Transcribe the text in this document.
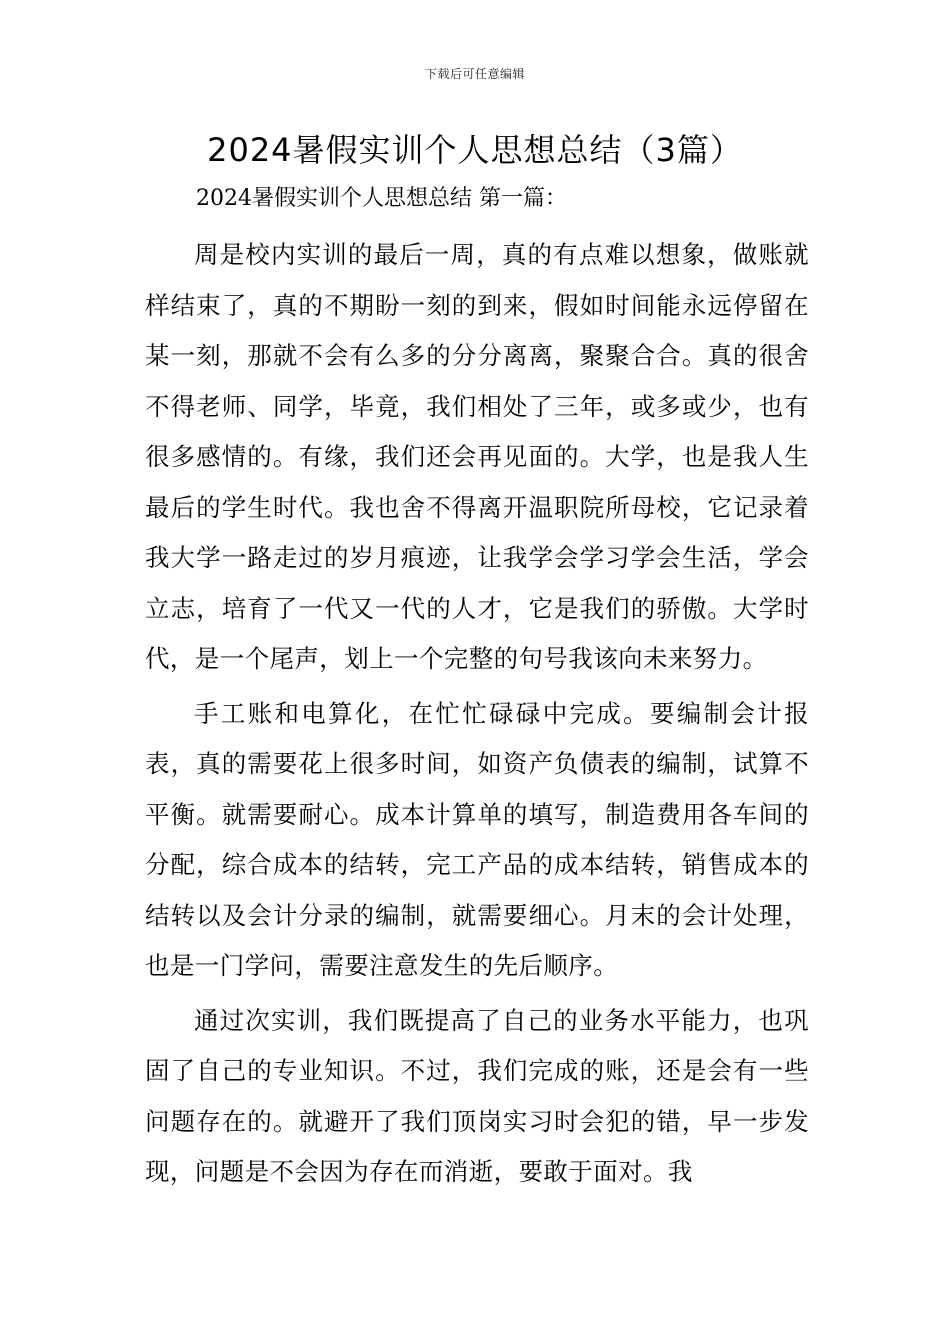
下载后可任意编辑
2024暑假实训个人思想总结（3篇）

2024暑假实训个人思想总结 第一篇：

周是校内实训的最后一周，真的有点难以想象，做账就样结束了，真的不期盼一刻的到来，假如时间能永远停留在某一刻，那就不会有么多的分分离离，聚聚合合。真的很舍不得老师、同学，毕竟，我们相处了三年，或多或少，也有很多感情的。有缘，我们还会再见面的。大学，也是我人生最后的学生时代。我也舍不得离开温职院所母校，它记录着我大学一路走过的岁月痕迹，让我学会学习学会生活，学会立志，培育了一代又一代的人才，它是我们的骄傲。大学时代，是一个尾声，划上一个完整的句号我该向未来努力。

手工账和电算化，在忙忙碌碌中完成。要编制会计报表，真的需要花上很多时间，如资产负债表的编制，试算不平衡。就需要耐心。成本计算单的填写，制造费用各车间的分配，综合成本的结转，完工产品的成本结转，销售成本的结转以及会计分录的编制，就需要细心。月末的会计处理，也是一门学问，需要注意发生的先后顺序。

通过次实训，我们既提高了自己的业务水平能力，也巩固了自己的专业知识。不过，我们完成的账，还是会有一些问题存在的。就避开了我们顶岗实习时会犯的错，早一步发现，问题是不会因为存在而消逝，要敢于面对。我
